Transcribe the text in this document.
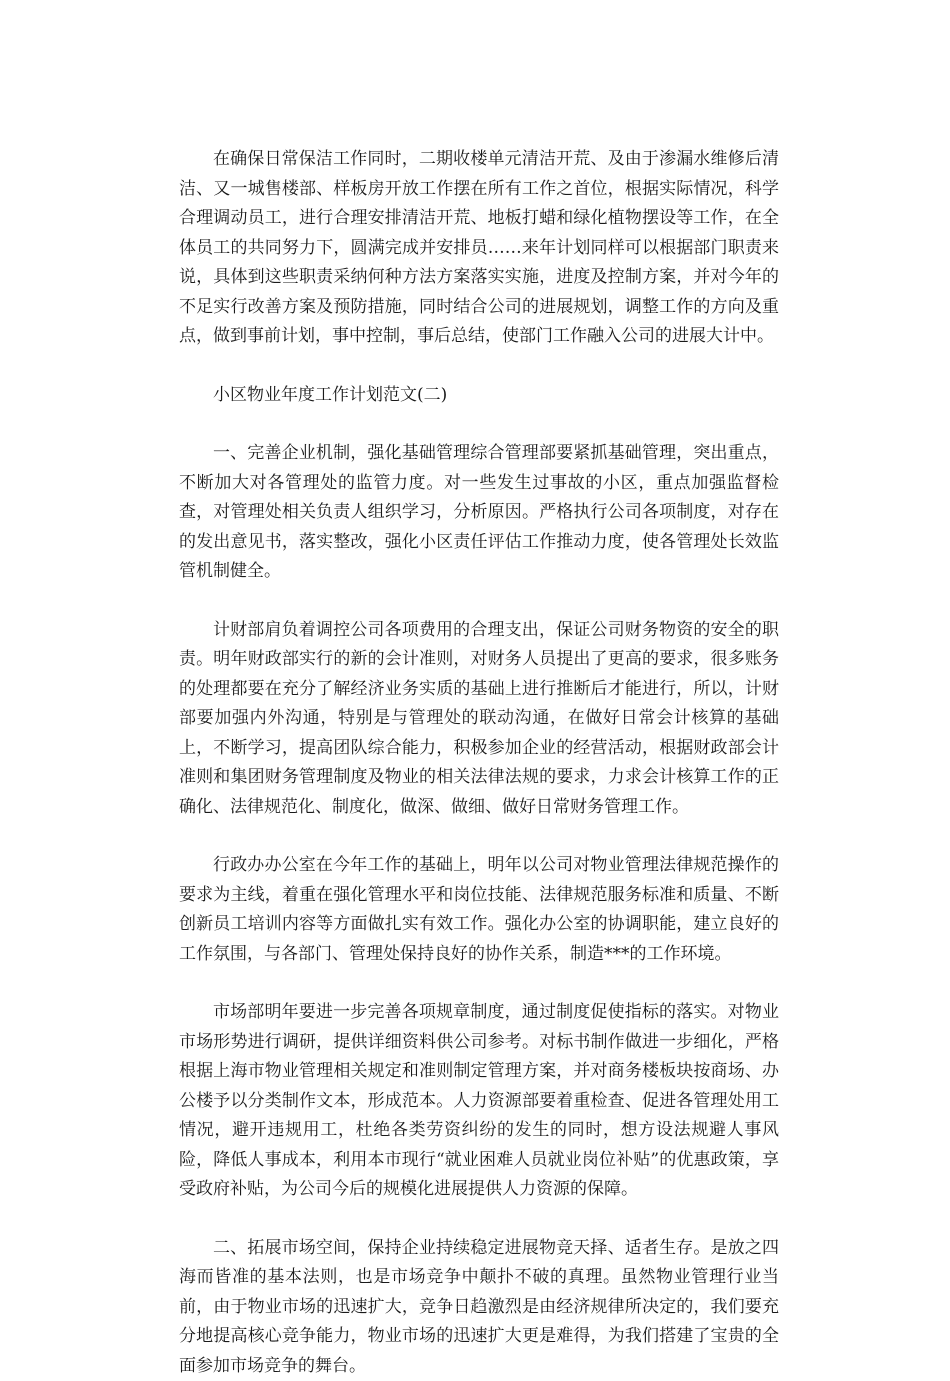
在确保日常保洁工作同时，二期收楼单元清洁开荒、及由于渗漏水维修后清洁、又一城售楼部、样板房开放工作摆在所有工作之首位，根据实际情况，科学合理调动员工，进行合理安排清洁开荒、地板打蜡和绿化植物摆设等工作，在全体员工的共同努力下，圆满完成并安排员……来年计划同样可以根据部门职责来说，具体到这些职责采纳何种方法方案落实实施，进度及控制方案，并对今年的不足实行改善方案及预防措施，同时结合公司的进展规划，调整工作的方向及重点，做到事前计划，事中控制，事后总结，使部门工作融入公司的进展大计中。

小区物业年度工作计划范文(二)

一、完善企业机制，强化基础管理综合管理部要紧抓基础管理，突出重点，不断加大对各管理处的监管力度。对一些发生过事故的小区，重点加强监督检查，对管理处相关负责人组织学习，分析原因。严格执行公司各项制度，对存在的发出意见书，落实整改，强化小区责任评估工作推动力度，使各管理处长效监管机制健全。

计财部肩负着调控公司各项费用的合理支出，保证公司财务物资的安全的职责。明年财政部实行的新的会计准则，对财务人员提出了更高的要求，很多账务的处理都要在充分了解经济业务实质的基础上进行推断后才能进行，所以，计财部要加强内外沟通，特别是与管理处的联动沟通，在做好日常会计核算的基础上，不断学习，提高团队综合能力，积极参加企业的经营活动，根据财政部会计准则和集团财务管理制度及物业的相关法律法规的要求，力求会计核算工作的正确化、法律规范化、制度化，做深、做细、做好日常财务管理工作。

行政办办公室在今年工作的基础上，明年以公司对物业管理法律规范操作的要求为主线，着重在强化管理水平和岗位技能、法律规范服务标准和质量、不断创新员工培训内容等方面做扎实有效工作。强化办公室的协调职能，建立良好的工作氛围，与各部门、管理处保持良好的协作关系，制造***的工作环境。

市场部明年要进一步完善各项规章制度，通过制度促使指标的落实。对物业市场形势进行调研，提供详细资料供公司参考。对标书制作做进一步细化，严格根据上海市物业管理相关规定和准则制定管理方案，并对商务楼板块按商场、办公楼予以分类制作文本，形成范本。人力资源部要着重检查、促进各管理处用工情况，避开违规用工，杜绝各类劳资纠纷的发生的同时，想方设法规避人事风险，降低人事成本，利用本市现行“就业困难人员就业岗位补贴”的优惠政策，享受政府补贴，为公司今后的规模化进展提供人力资源的保障。

二、拓展市场空间，保持企业持续稳定进展物竞天择、适者生存。是放之四海而皆准的基本法则，也是市场竞争中颠扑不破的真理。虽然物业管理行业当前，由于物业市场的迅速扩大，竞争日趋激烈是由经济规律所决定的，我们要充分地提高核心竞争能力，物业市场的迅速扩大更是难得，为我们搭建了宝贵的全面参加市场竞争的舞台。
